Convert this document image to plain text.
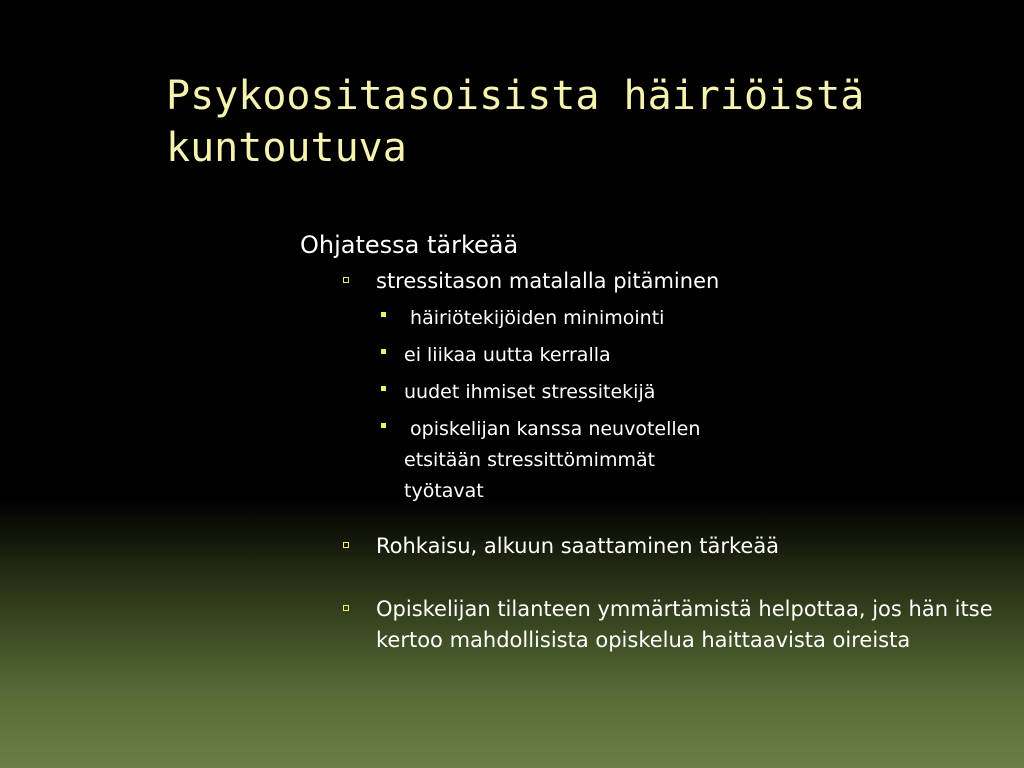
Psykoositasoisista häiriöistä
kuntoutuva
Ohjatessa tärkeää
stressitason matalalla pitäminen
häiriötekijöiden minimointi
ei liikaa uutta kerralla
uudet ihmiset stressitekijä
opiskelijan kanssa neuvotellen etsitään stressittömimmät työtavat
Rohkaisu, alkuun saattaminen tärkeää
Opiskelijan tilanteen ymmärtämistä helpottaa, jos hän itse kertoo mahdollisista opiskelua haittaavista oireista
